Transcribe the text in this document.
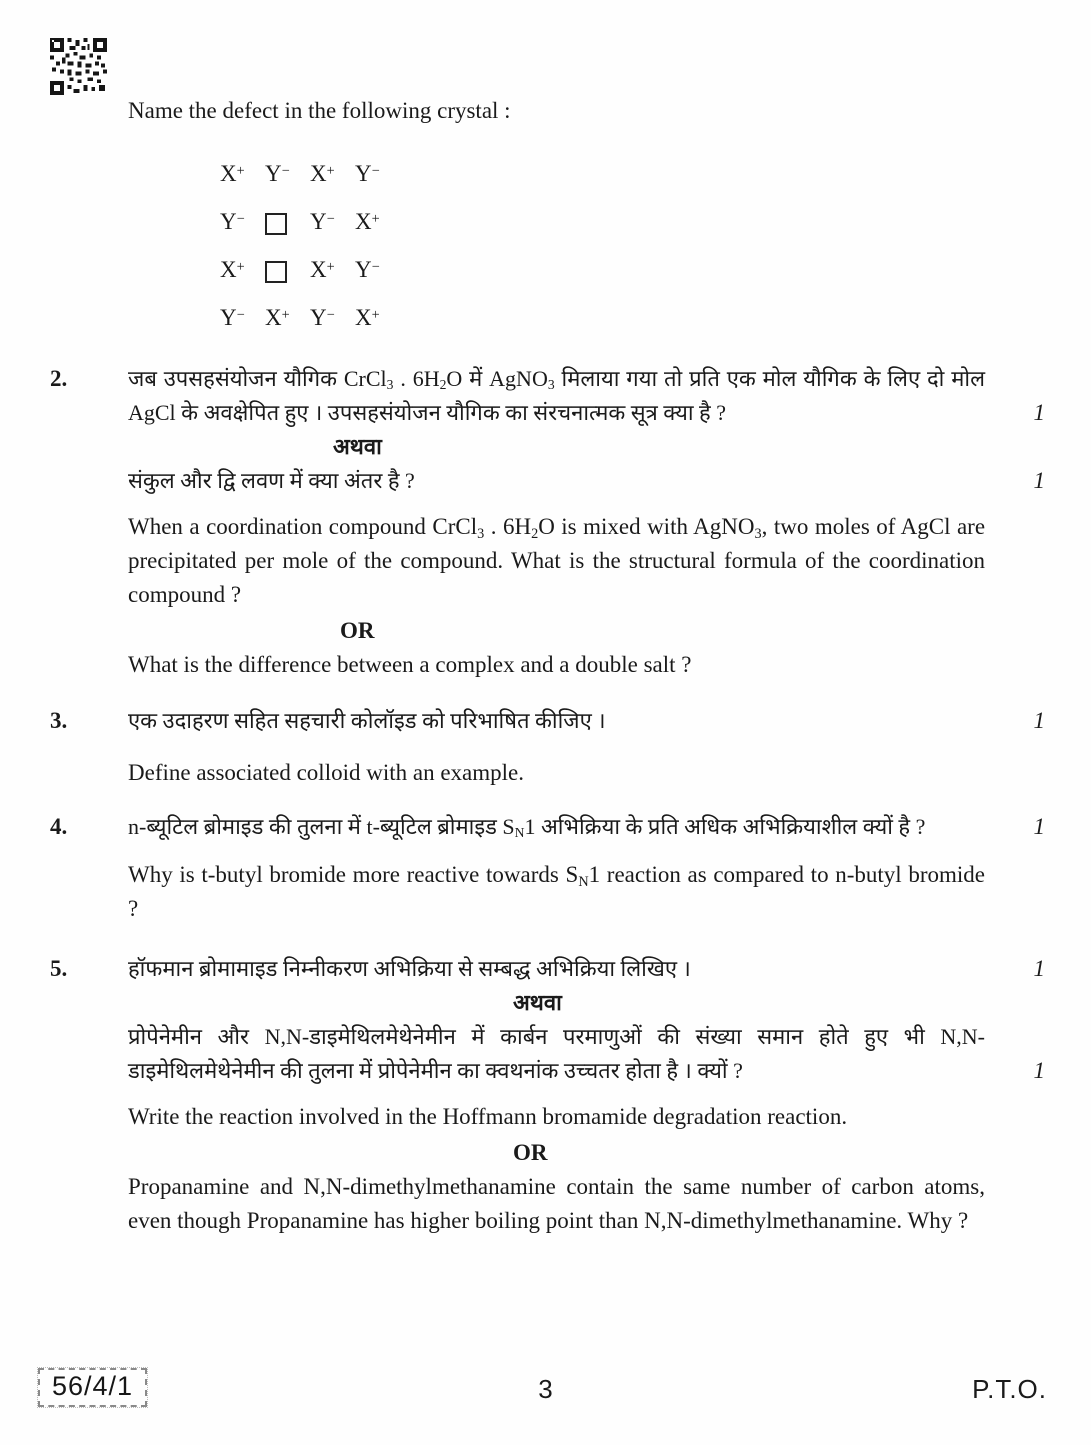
Name the defect in the following crystal :
X+ Y− X+ Y−
Y−	Y− X+
X+	X+ Y−
Y− X+ Y− X+
2.	जब उपसहसंयोजन यौगिक CrCl$_3$ . $6H_2O$ में AgNO$_3$ मिलाया गया तो प्रति एक मोल यौगिक के लिए दो मोल AgCl के अवक्षेपित हुए । उपसहसंयोजन यौगिक का संरचनात्मक सूत्र क्या है ?	1
अथवा
संकुल और द्वि लवण में क्या अंतर है ?	1
When a coordination compound CrCl$_3$ . $6H_2O$ is mixed with AgNO$_3$, two moles of AgCl are precipitated per mole of the compound. What is the structural formula of the coordination compound ?
OR
What is the difference between a complex and a double salt ?
3.	एक उदाहरण सहित सहचारी कोलॉइड को परिभाषित कीजिए ।	1
Define associated colloid with an example.
4.	n-ब्यूटिल ब्रोमाइड की तुलना में t-ब्यूटिल ब्रोमाइड $S_N1$ अभिक्रिया के प्रति अधिक अभिक्रियाशील क्यों है ?	1
Why is t-butyl bromide more reactive towards $S_N1$ reaction as compared to n-butyl bromide ?
5.	हॉफमान ब्रोमामाइड निम्नीकरण अभिक्रिया से सम्बद्ध अभिक्रिया लिखिए ।	1
अथवा
प्रोपेनेमीन और N,N-डाइमेथिलमेथेनेमीन में कार्बन परमाणुओं की संख्या समान होते हुए भी N,N-डाइमेथिलमेथेनेमीन की तुलना में प्रोपेनेमीन का क्वथनांक उच्चतर होता है । क्यों ?	1
Write the reaction involved in the Hoffmann bromamide degradation reaction.
OR
Propanamine and N,N-dimethylmethanamine contain the same number of carbon atoms, even though Propanamine has higher boiling point than N,N-dimethylmethanamine. Why ?
56/4/1	3	P.T.O.
